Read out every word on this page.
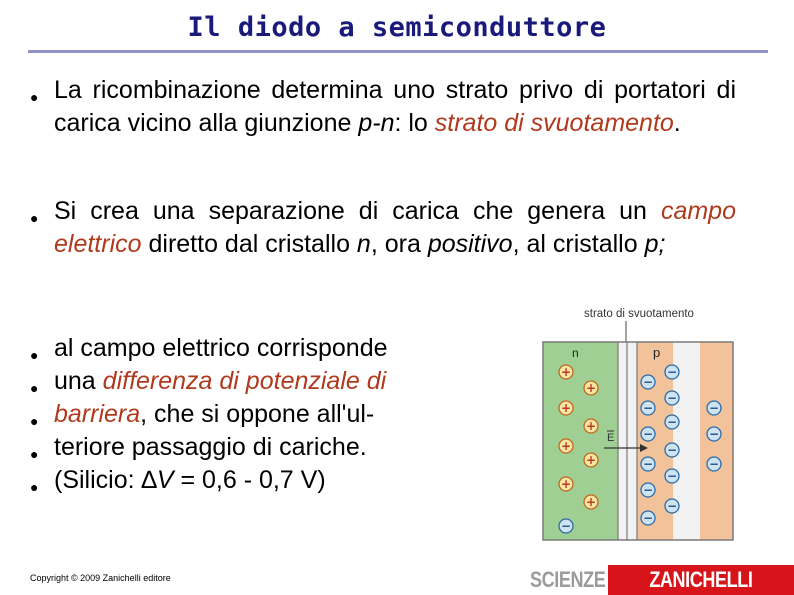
Il diodo a semiconduttore
● La ricombinazione determina uno strato privo di portatori di carica vicino alla giunzione p-n: lo strato di svuotamento.
● Si crea una separazione di carica che genera un campo elettrico diretto dal cristallo n, ora positivo, al cristallo p;
● al campo elettrico corrisponde
● una differenza di potenziale di
● barriera, che si oppone all'ul-
● teriore passaggio di cariche.
● (Silicio: ∆V = 0,6 - 0,7 V)
strato di svuotamento
n	p
E
+
+
+
+
+
+
+
+
−
−
−
−
−
−
−
−
−
−
−
−
−
−
−
−
Copyright © 2009 Zanichelli editore	SCIENZE	ZANICHELLI
